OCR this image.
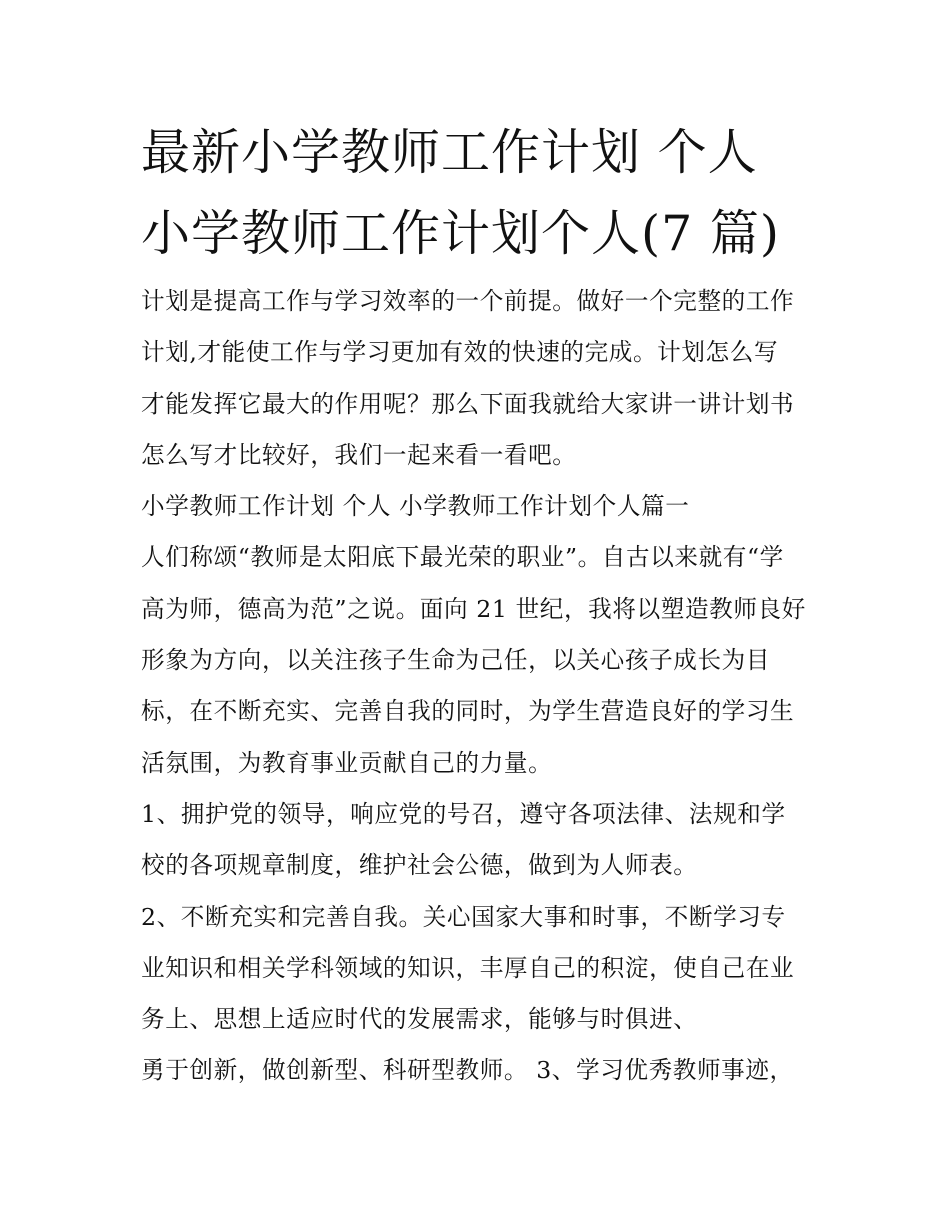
最新小学教师工作计划 个人
小学教师工作计划个人(7 篇)
计划是提高工作与学习效率的一个前提。做好一个完整的工作
计划,才能使工作与学习更加有效的快速的完成。计划怎么写
才能发挥它最大的作用呢？那么下面我就给大家讲一讲计划书
怎么写才比较好，我们一起来看一看吧。
小学教师工作计划 个人 小学教师工作计划个人篇一
人们称颂“教师是太阳底下最光荣的职业”。自古以来就有“学
高为师，德高为范”之说。面向 21 世纪，我将以塑造教师良好
形象为方向，以关注孩子生命为己任，以关心孩子成长为目
标，在不断充实、完善自我的同时，为学生营造良好的学习生
活氛围，为教育事业贡献自己的力量。
1、拥护党的领导，响应党的号召，遵守各项法律、法规和学
校的各项规章制度，维护社会公德，做到为人师表。
2、不断充实和完善自我。关心国家大事和时事，不断学习专
业知识和相关学科领域的知识，丰厚自己的积淀，使自己在业
务上、思想上适应时代的发展需求，能够与时俱进、
勇于创新，做创新型、科研型教师。 3、学习优秀教师事迹，
